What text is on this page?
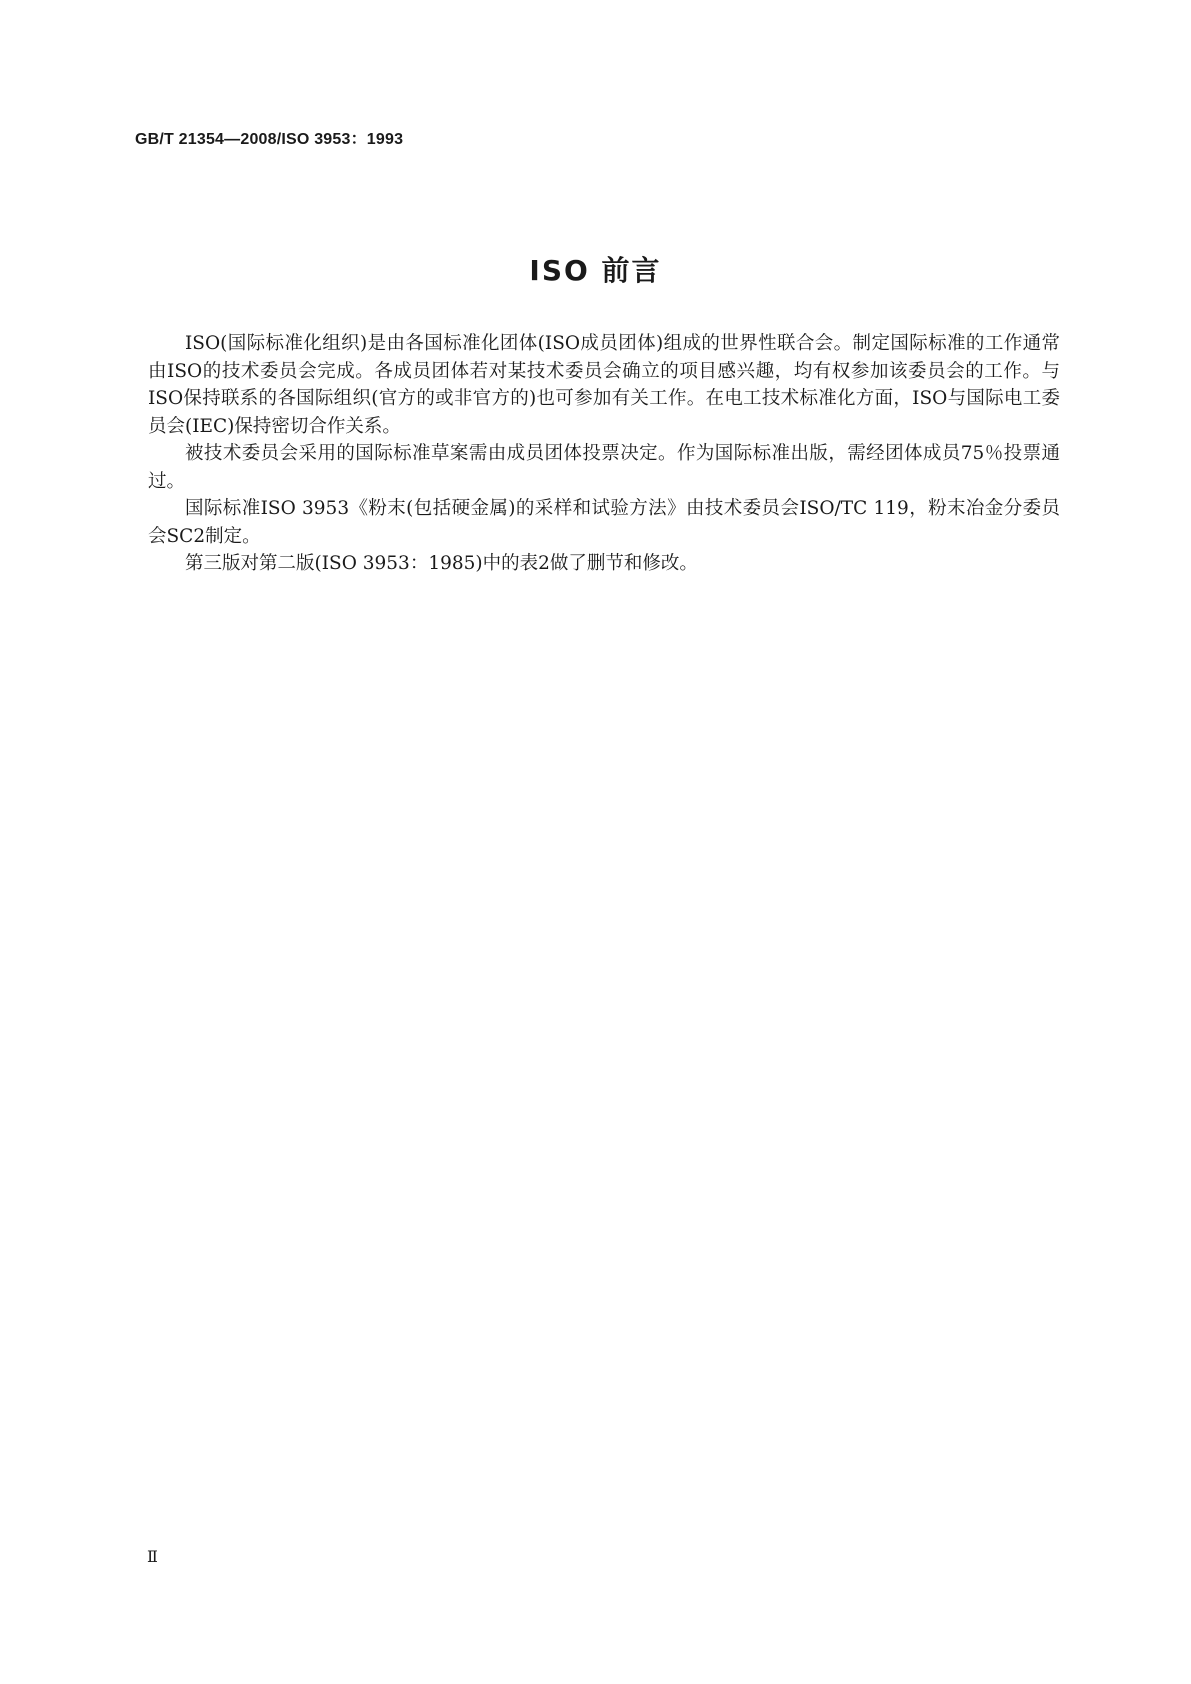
GB/T 21354—2008/ISO 3953：1993
ISO 前言

ISO(国际标准化组织)是由各国标准化团体(ISO成员团体)组成的世界性联合会。制定国际标准的工作通常由ISO的技术委员会完成。各成员团体若对某技术委员会确立的项目感兴趣，均有权参加该委员会的工作。与ISO保持联系的各国际组织(官方的或非官方的)也可参加有关工作。在电工技术标准化方面，ISO与国际电工委员会(IEC)保持密切合作关系。

被技术委员会采用的国际标准草案需由成员团体投票决定。作为国际标准出版，需经团体成员75％投票通过。

国际标准ISO 3953《粉末(包括硬金属)的采样和试验方法》由技术委员会ISO/TC 119，粉末冶金分委员会SC2制定。

第三版对第二版(ISO 3953：1985)中的表2做了删节和修改。

Ⅱ
